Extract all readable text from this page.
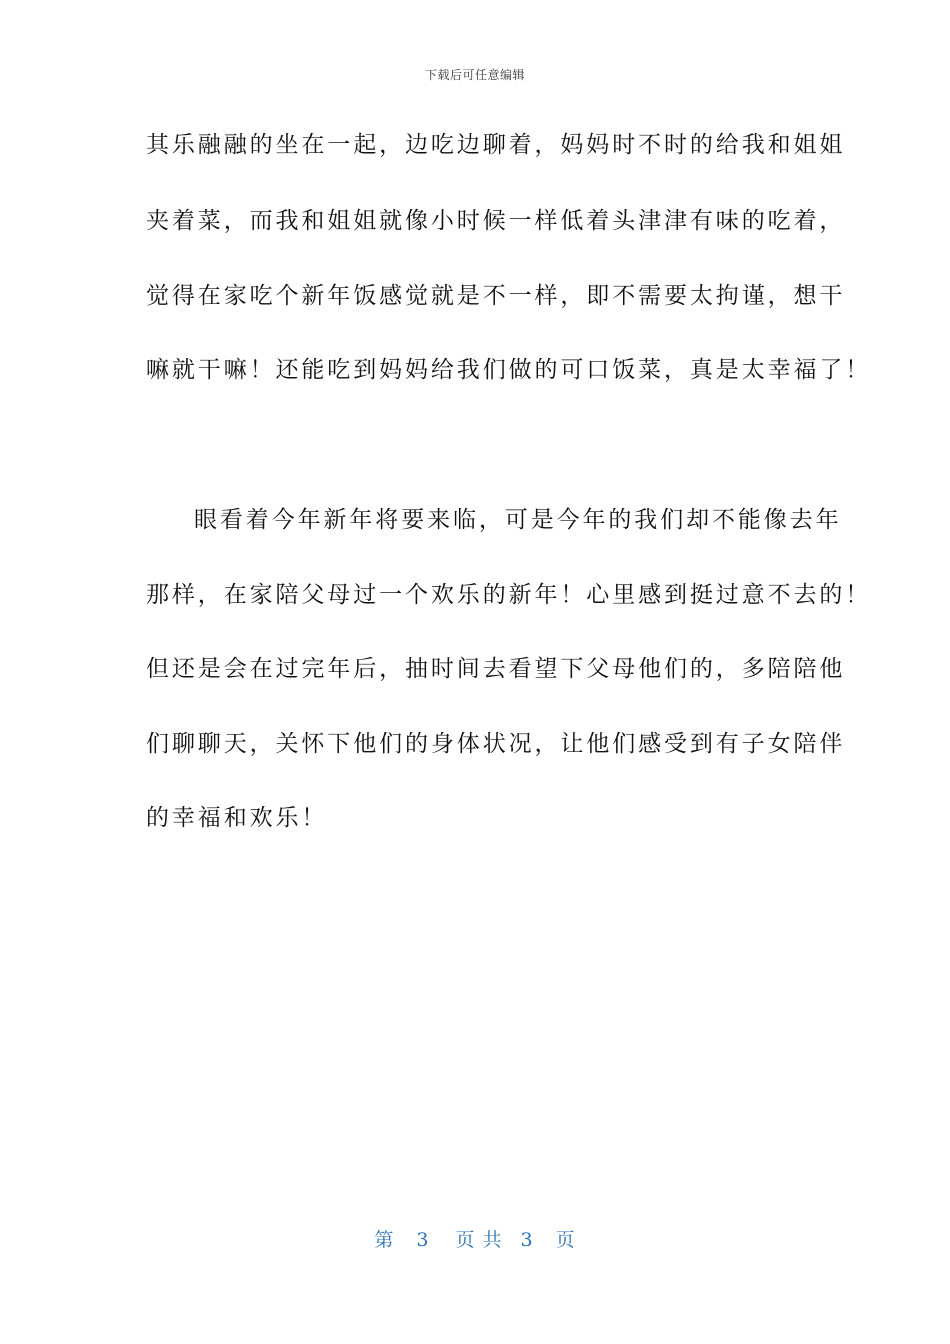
下载后可任意编辑
其乐融融的坐在一起，边吃边聊着，妈妈时不时的给我和姐姐
夹着菜，而我和姐姐就像小时候一样低着头津津有味的吃着，
觉得在家吃个新年饭感觉就是不一样，即不需要太拘谨，想干
嘛就干嘛！还能吃到妈妈给我们做的可口饭菜，真是太幸福了！
眼看着今年新年将要来临，可是今年的我们却不能像去年
那样，在家陪父母过一个欢乐的新年！心里感到挺过意不去的！
但还是会在过完年后，抽时间去看望下父母他们的，多陪陪他
们聊聊天，关怀下他们的身体状况，让他们感受到有子女陪伴
的幸福和欢乐！
第 3 页 共 3 页
